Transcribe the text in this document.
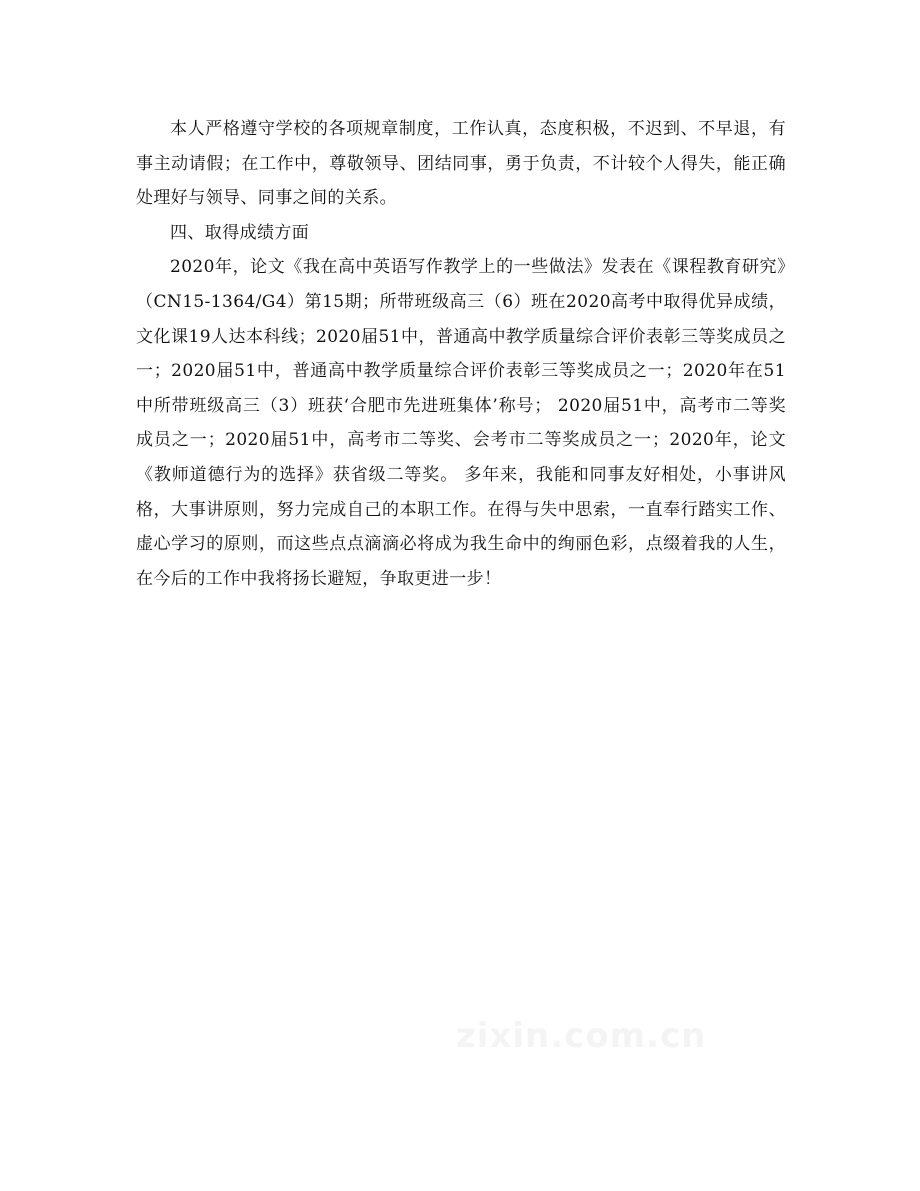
本人严格遵守学校的各项规章制度，工作认真，态度积极，不迟到、不早退，有事主动请假；在工作中，尊敬领导、团结同事，勇于负责，不计较个人得失，能正确处理好与领导、同事之间的关系。

四、取得成绩方面

2020年，论文《我在高中英语写作教学上的一些做法》发表在《课程教育研究》（CN15-1364/G4）第15期；所带班级高三（6）班在2020高考中取得优异成绩，文化课19人达本科线；2020届51中，普通高中教学质量综合评价表彰三等奖成员之一；2020届51中，普通高中教学质量综合评价表彰三等奖成员之一；2020年在51中所带班级高三（3）班获‘合肥市先进班集体’称号； 2020届51中，高考市二等奖成员之一；2020届51中，高考市二等奖、会考市二等奖成员之一；2020年，论文《教师道德行为的选择》获省级二等奖。 多年来，我能和同事友好相处，小事讲风格，大事讲原则，努力完成自己的本职工作。在得与失中思索，一直奉行踏实工作、虚心学习的原则，而这些点点滴滴必将成为我生命中的绚丽色彩，点缀着我的人生，在今后的工作中我将扬长避短，争取更进一步！

zixin.com.cn
